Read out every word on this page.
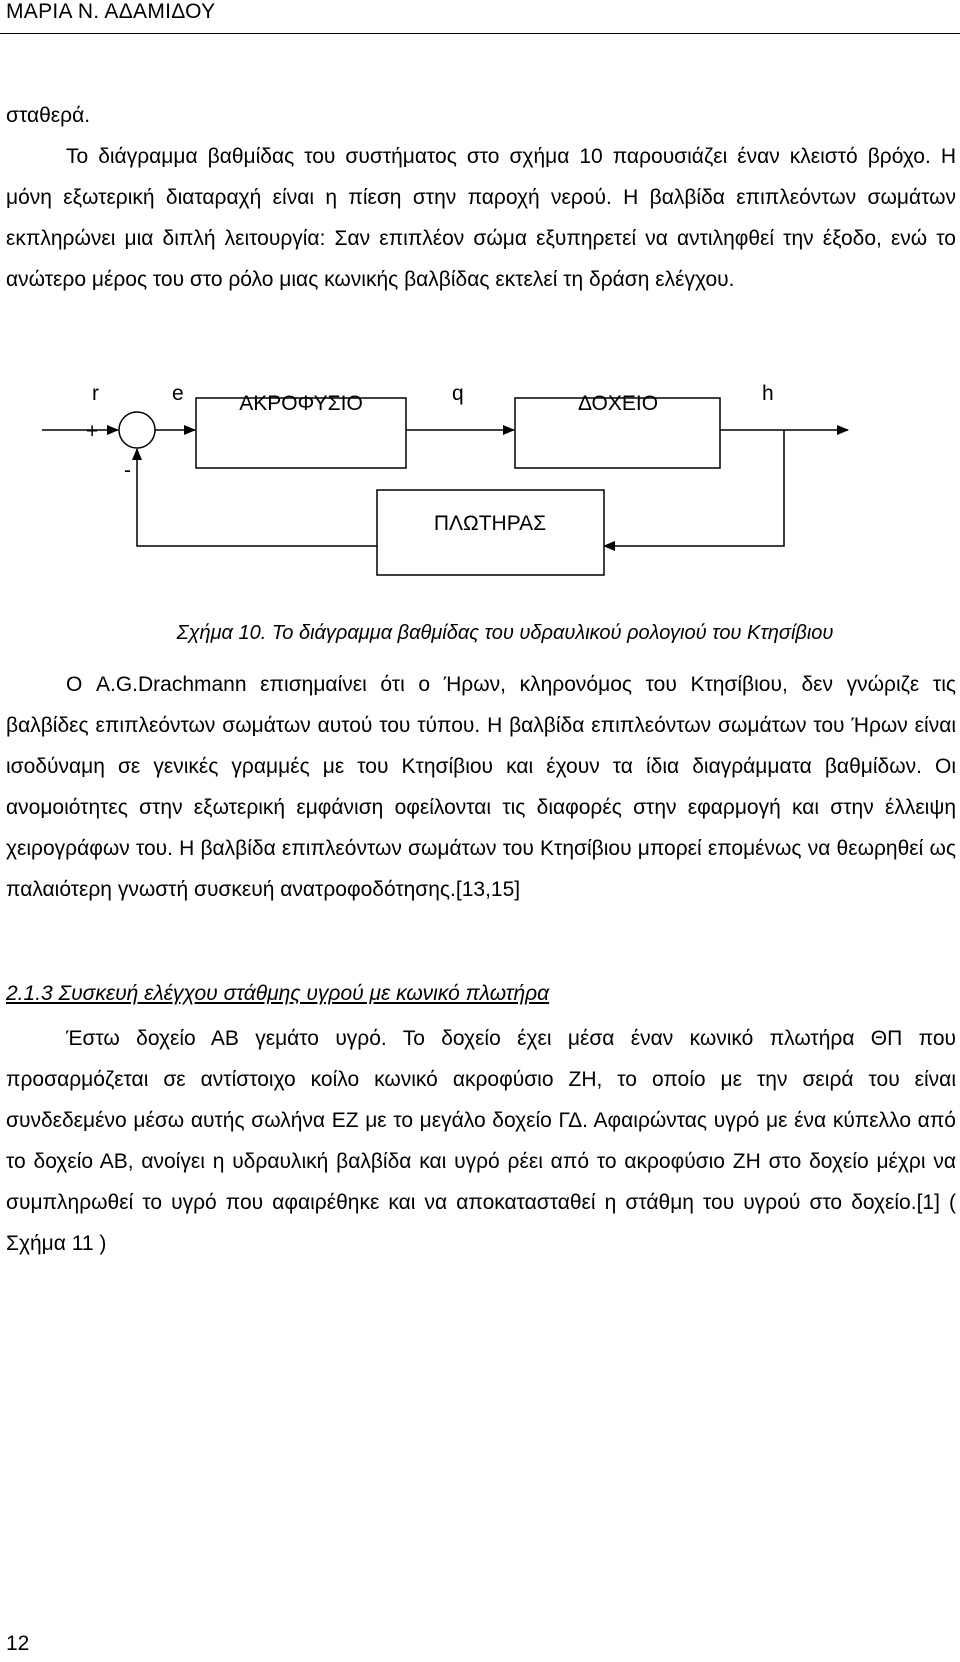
ΜΑΡΙΑ Ν. ΑΔΑΜΙΔΟΥ
σταθερά.
Το διάγραμμα βαθμίδας του συστήματος στο σχήμα 10 παρουσιάζει έναν κλειστό βρόχο. Η μόνη εξωτερική διαταραχή είναι η πίεση στην παροχή νερού. Η βαλβίδα επιπλεόντων σωμάτων εκπληρώνει μια διπλή λειτουργία: Σαν επιπλέον σώμα εξυπηρετεί να αντιληφθεί την έξοδο, ενώ το ανώτερο μέρος του στο ρόλο μιας κωνικής βαλβίδας εκτελεί τη δράση ελέγχου.
r
+
-
e	ΑΚΡΟΦΥΣΙΟ	q	ΔΟΧΕΙΟ	h
ΠΛΩΤΗΡΑΣ
Σχήμα 10. Το διάγραμμα βαθμίδας του υδραυλικού ρολογιού του Κτησίβιου
Ο A.G.Drachmann επισημαίνει ότι ο Ήρων, κληρονόμος του Κτησίβιου, δεν γνώριζε τις βαλβίδες επιπλεόντων σωμάτων αυτού του τύπου. Η βαλβίδα επιπλεόντων σωμάτων του Ήρων είναι ισοδύναμη σε γενικές γραμμές με του Κτησίβιου και έχουν τα ίδια διαγράμματα βαθμίδων. Οι ανομοιότητες στην εξωτερική εμφάνιση οφείλονται τις διαφορές στην εφαρμογή και στην έλλειψη χειρογράφων του. Η βαλβίδα επιπλεόντων σωμάτων του Κτησίβιου μπορεί επομένως να θεωρηθεί ως παλαιότερη γνωστή συσκευή ανατροφοδότησης.[13,15]
2.1.3 Συσκευή ελέγχου στάθμης υγρού με κωνικό πλωτήρα
Έστω δοχείο ΑΒ γεμάτο υγρό. Το δοχείο έχει μέσα έναν κωνικό πλωτήρα ΘΠ που προσαρμόζεται σε αντίστοιχο κοίλο κωνικό ακροφύσιο ΖΗ, το οποίο με την σειρά του είναι συνδεδεμένο μέσω αυτής σωλήνα ΕΖ με το μεγάλο δοχείο ΓΔ. Αφαιρώντας υγρό με ένα κύπελλο από το δοχείο ΑΒ, ανοίγει η υδραυλική βαλβίδα και υγρό ρέει από το ακροφύσιο ΖΗ στο δοχείο μέχρι να συμπληρωθεί το υγρό που αφαιρέθηκε και να αποκατασταθεί η στάθμη του υγρού στο δοχείο.[1] ( Σχήμα 11 )
12
